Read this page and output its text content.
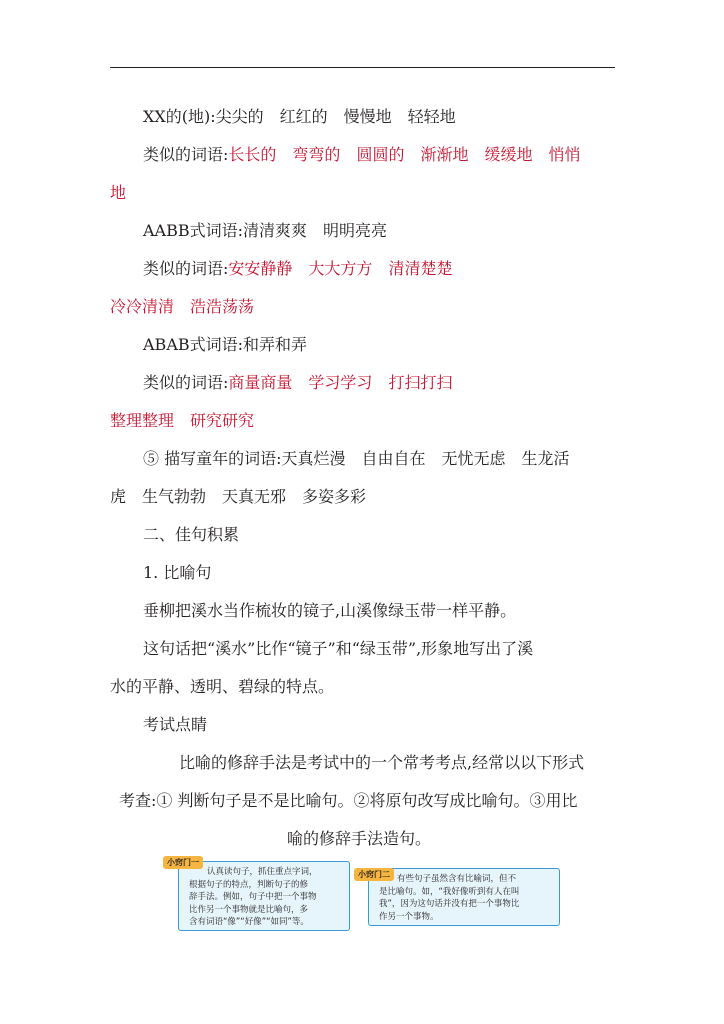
XX的(地):尖尖的　红红的　慢慢地　轻轻地
类似的词语:长长的 弯弯的 圆圆的 渐渐地 缓缓地 悄悄
地
AABB式词语:清清爽爽　明明亮亮
类似的词语:安安静静 大大方方 清清楚楚
冷冷清清 浩浩荡荡
ABAB式词语:和弄和弄
类似的词语:商量商量 学习学习 打扫打扫
整理整理 研究研究
⑤ 描写童年的词语:天真烂漫　自由自在　无忧无虑　生龙活
虎　生气勃勃　天真无邪　多姿多彩
二、佳句积累
1. 比喻句
垂柳把溪水当作梳妆的镜子,山溪像绿玉带一样平静。
这句话把“溪水”比作“镜子”和“绿玉带”,形象地写出了溪
水的平静、透明、碧绿的特点。
考试点睛
比喻的修辞手法是考试中的一个常考考点,经常以以下形式
考查:① 判断句子是不是比喻句。②将原句改写成比喻句。③用比
喻的修辞手法造句。
认真读句子，抓住重点字词，
根据句子的特点，判断句子的修
辞手法。例如，句子中把一个事物
比作另一个事物就是比喻句，多
含有词语“像”“好像”“如同”等。
小窍门一
有些句子虽然含有比喻词，但不
是比喻句。如，“我好像听到有人在叫
我”，因为这句话并没有把一个事物比
作另一个事物。
小窍门二
